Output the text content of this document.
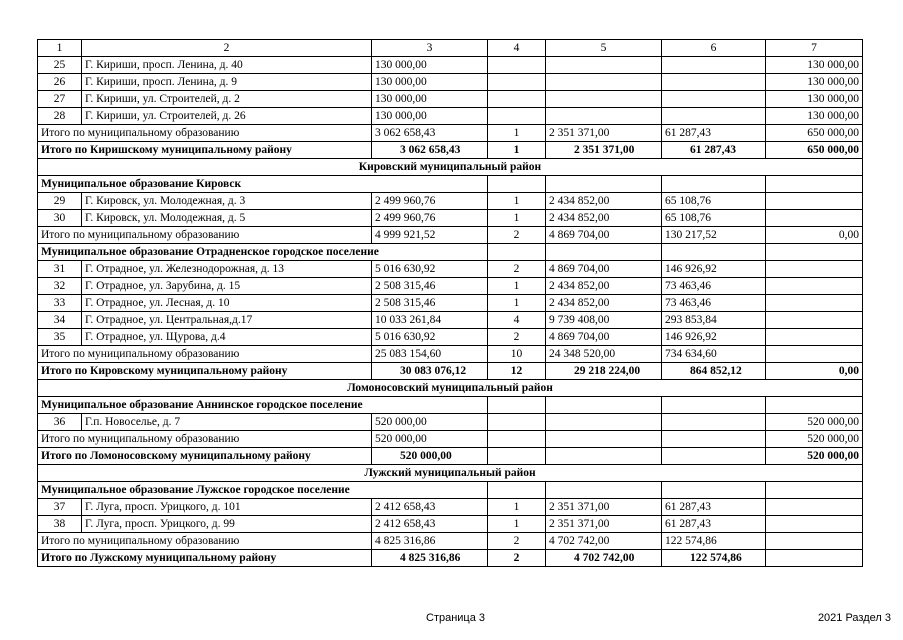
1	2	3	4	5	6	7
25	Г. Кириши, просп. Ленина, д. 40	130 000,00				130 000,00
26	Г. Кириши, просп. Ленина, д. 9	130 000,00				130 000,00
27	Г. Кириши, ул. Строителей, д. 2	130 000,00				130 000,00
28	Г. Кириши, ул. Строителей, д. 26	130 000,00				130 000,00
Итого по муниципальному образованию		3 062 658,43	1	2 351 371,00	61 287,43	650 000,00
Итого по Киришскому муниципальному району		3 062 658,43	1	2 351 371,00	61 287,43	650 000,00
Кировский муниципальный район						
Муниципальное образование Кировск						
29	Г. Кировск, ул. Молодежная, д. 3	2 499 960,76	1	2 434 852,00	65 108,76	
30	Г. Кировск, ул. Молодежная, д. 5	2 499 960,76	1	2 434 852,00	65 108,76	
Итого по муниципальному образованию		4 999 921,52	2	4 869 704,00	130 217,52	0,00
Муниципальное образование Отрадненское городское поселение						
31	Г. Отрадное, ул. Железнодорожная, д. 13	5 016 630,92	2	4 869 704,00	146 926,92	
32	Г. Отрадное, ул. Зарубина, д. 15	2 508 315,46	1	2 434 852,00	73 463,46	
33	Г. Отрадное, ул. Лесная, д. 10	2 508 315,46	1	2 434 852,00	73 463,46	
34	Г. Отрадное, ул. Центральная,д.17	10 033 261,84	4	9 739 408,00	293 853,84	
35	Г. Отрадное, ул. Щурова, д.4	5 016 630,92	2	4 869 704,00	146 926,92	
Итого по муниципальному образованию		25 083 154,60	10	24 348 520,00	734 634,60	
Итого по Кировскому муниципальному району		30 083 076,12	12	29 218 224,00	864 852,12	0,00
Ломоносовский муниципальный район						
Муниципальное образование Аннинское городское поселение						
36	Г.п. Новоселье, д. 7	520 000,00				520 000,00
Итого по муниципальному образованию		520 000,00				520 000,00
Итого по Ломоносовскому муниципальному району		520 000,00				520 000,00
Лужский муниципальный район						
Муниципальное образование Лужское городское поселение						
37	Г. Луга, просп. Урицкого, д. 101	2 412 658,43	1	2 351 371,00	61 287,43	
38	Г. Луга, просп. Урицкого, д. 99	2 412 658,43	1	2 351 371,00	61 287,43	
Итого по муниципальному образованию		4 825 316,86	2	4 702 742,00	122 574,86	
Итого по Лужскому муниципальному району		4 825 316,86	2	4 702 742,00	122 574,86	
Страница 3	2021 Раздел 3
